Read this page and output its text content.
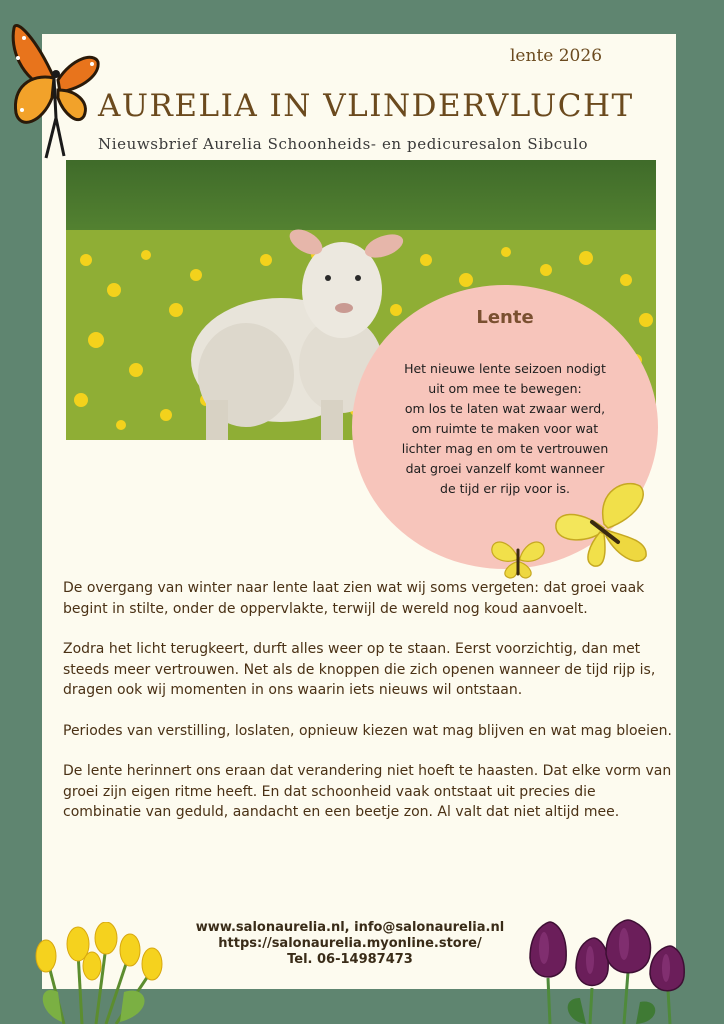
lente 2026
AURELIA IN VLINDERVLUCHT
Nieuwsbrief Aurelia Schoonheids- en pedicuresalon Sibculo
Lente
Het nieuwe lente seizoen nodigt
uit om mee te bewegen:
om los te laten wat zwaar werd,
om ruimte te maken voor wat
lichter mag en om te vertrouwen
dat groei vanzelf komt wanneer
de tijd er rijp voor is.

De overgang van winter naar lente laat zien wat wij soms vergeten: dat groei vaak begint in stilte, onder de oppervlakte, terwijl de wereld nog koud aanvoelt.

Zodra het licht terugkeert, durft alles weer op te staan. Eerst voorzichtig, dan met steeds meer vertrouwen. Net als de knoppen die zich openen wanneer de tijd rijp is, dragen ook wij momenten in ons waarin iets nieuws wil ontstaan.

Periodes van verstilling, loslaten, opnieuw kiezen wat mag blijven en wat mag bloeien.

De lente herinnert ons eraan dat verandering niet hoeft te haasten. Dat elke vorm van groei zijn eigen ritme heeft. En dat schoonheid vaak ontstaat uit precies die combinatie van geduld, aandacht en een beetje zon. Al valt dat niet altijd mee.

www.salonaurelia.nl, info@salonaurelia.nl
https://salonaurelia.myonline.store/
Tel. 06-14987473
